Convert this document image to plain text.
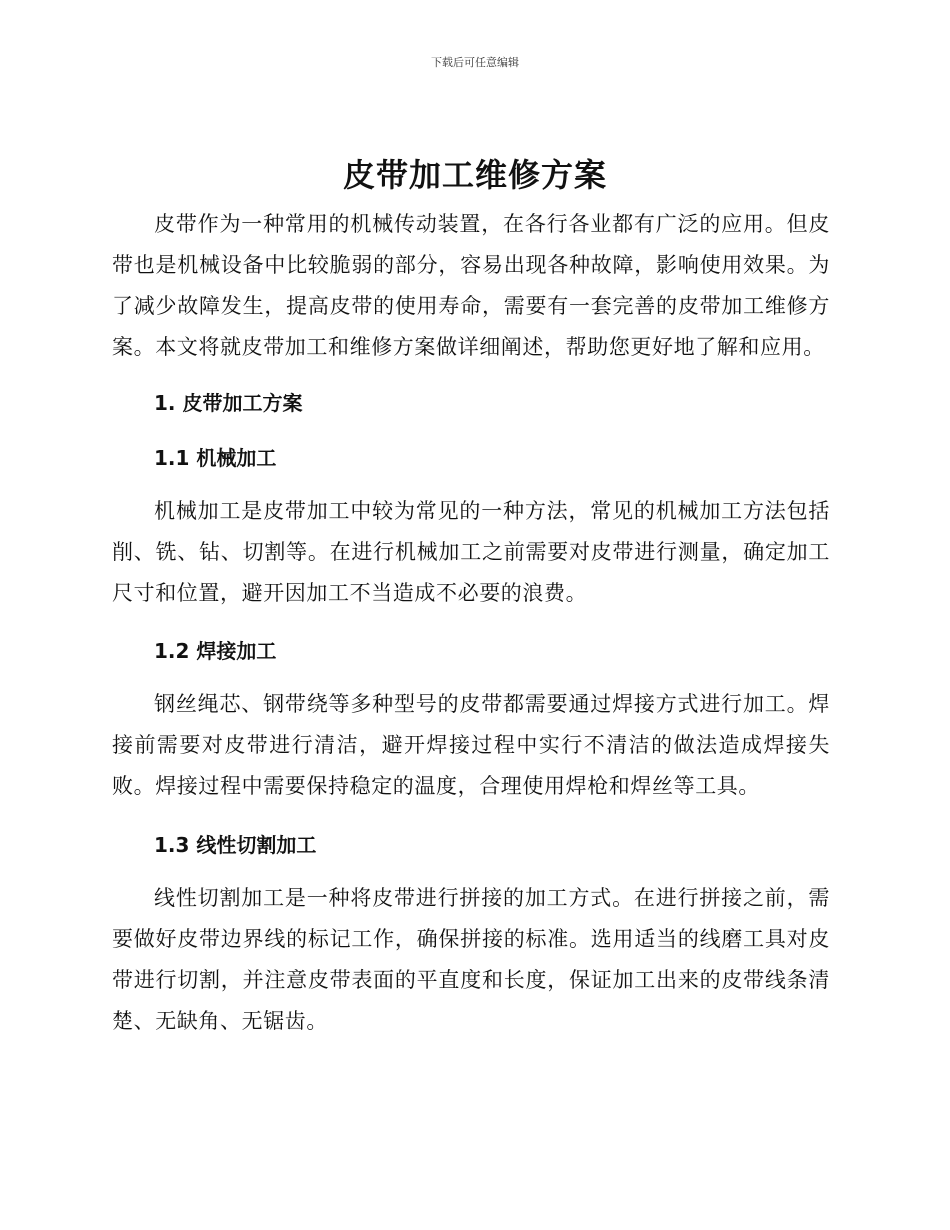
下载后可任意编辑
皮带加工维修方案

皮带作为一种常用的机械传动装置，在各行各业都有广泛的应用。但皮带也是机械设备中比较脆弱的部分，容易出现各种故障，影响使用效果。为了减少故障发生，提高皮带的使用寿命，需要有一套完善的皮带加工维修方案。本文将就皮带加工和维修方案做详细阐述，帮助您更好地了解和应用。

1. 皮带加工方案
1.1 机械加工

机械加工是皮带加工中较为常见的一种方法，常见的机械加工方法包括削、铣、钻、切割等。在进行机械加工之前需要对皮带进行测量，确定加工尺寸和位置，避开因加工不当造成不必要的浪费。

1.2 焊接加工

钢丝绳芯、钢带绕等多种型号的皮带都需要通过焊接方式进行加工。焊接前需要对皮带进行清洁，避开焊接过程中实行不清洁的做法造成焊接失败。焊接过程中需要保持稳定的温度，合理使用焊枪和焊丝等工具。

1.3 线性切割加工

线性切割加工是一种将皮带进行拼接的加工方式。在进行拼接之前，需要做好皮带边界线的标记工作，确保拼接的标准。选用适当的线磨工具对皮带进行切割，并注意皮带表面的平直度和长度，保证加工出来的皮带线条清楚、无缺角、无锯齿。
